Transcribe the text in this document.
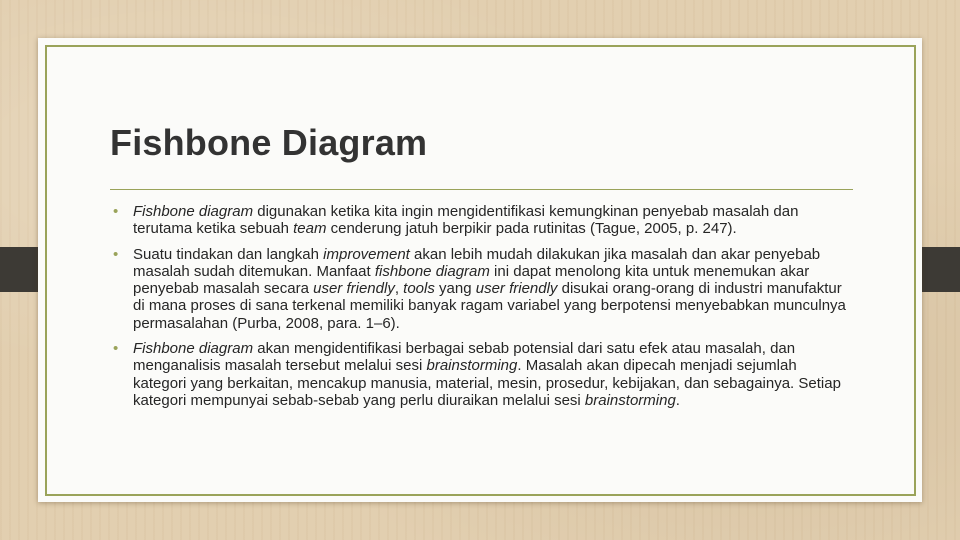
Fishbone Diagram
• Fishbone diagram digunakan ketika kita ingin mengidentifikasi kemungkinan penyebab masalah dan terutama ketika sebuah team cenderung jatuh berpikir pada rutinitas (Tague, 2005, p. 247).
• Suatu tindakan dan langkah improvement akan lebih mudah dilakukan jika masalah dan akar penyebab masalah sudah ditemukan. Manfaat fishbone diagram ini dapat menolong kita untuk menemukan akar penyebab masalah secara user friendly, tools yang user friendly disukai orang-orang di industri manufaktur di mana proses di sana terkenal memiliki banyak ragam variabel yang berpotensi menyebabkan munculnya permasalahan (Purba, 2008, para. 1–6).
• Fishbone diagram akan mengidentifikasi berbagai sebab potensial dari satu efek atau masalah, dan menganalisis masalah tersebut melalui sesi brainstorming. Masalah akan dipecah menjadi sejumlah kategori yang berkaitan, mencakup manusia, material, mesin, prosedur, kebijakan, dan sebagainya. Setiap kategori mempunyai sebab-sebab yang perlu diuraikan melalui sesi brainstorming.
